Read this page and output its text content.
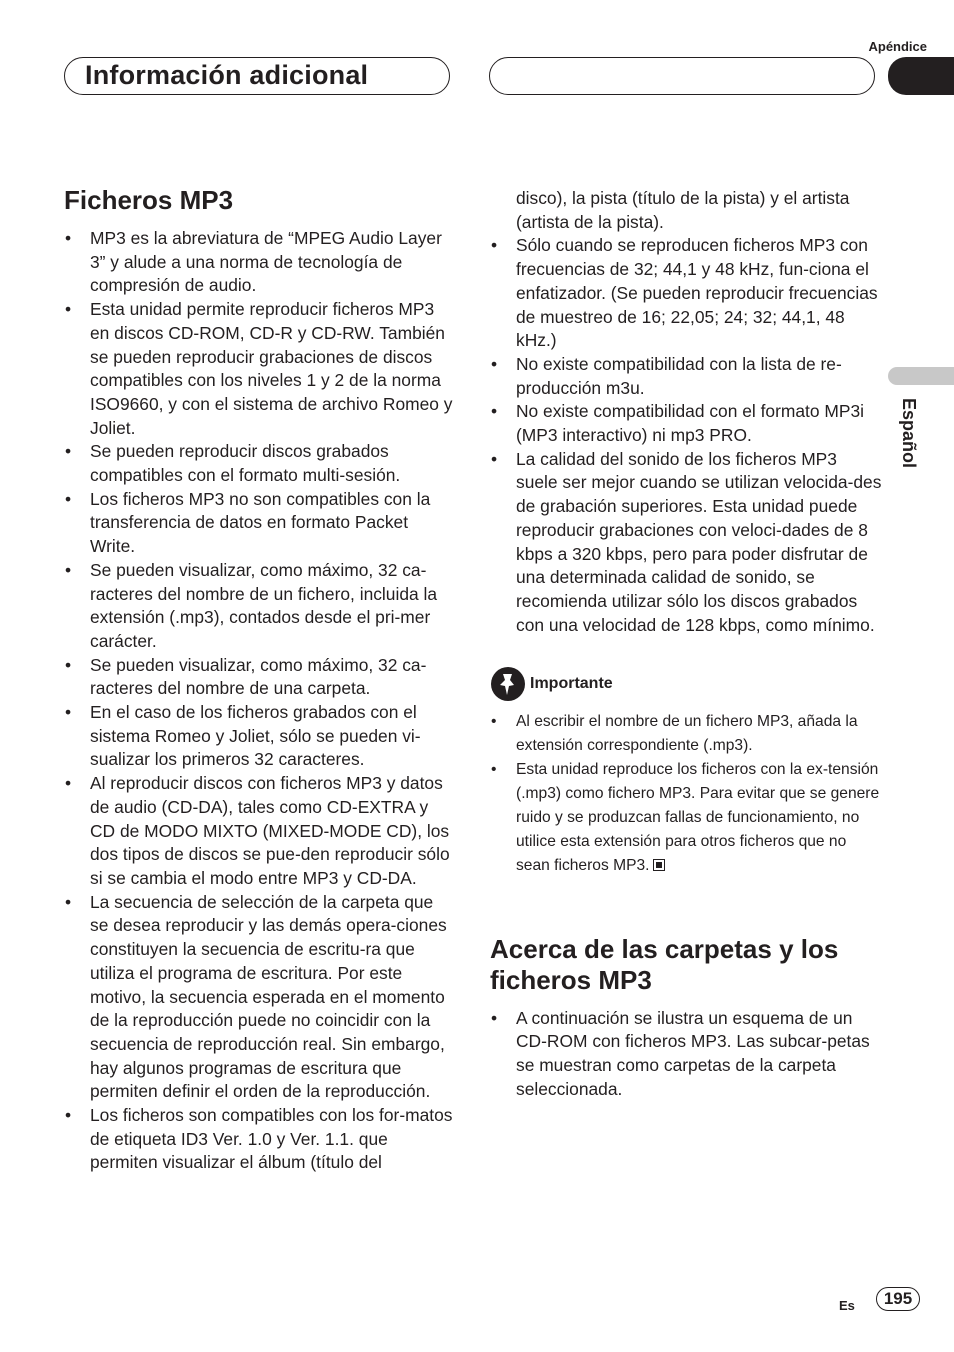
Apéndice
Información adicional
Español
Ficheros MP3
• MP3 es la abreviatura de “MPEG Audio Layer 3” y alude a una norma de tecnología de compresión de audio.
• Esta unidad permite reproducir ficheros MP3 en discos CD-ROM, CD-R y CD-RW. También se pueden reproducir grabaciones de discos compatibles con los niveles 1 y 2 de la norma ISO9660, y con el sistema de archivo Romeo y Joliet.
• Se pueden reproducir discos grabados compatibles con el formato multi-sesión.
• Los ficheros MP3 no son compatibles con la transferencia de datos en formato Packet Write.
• Se pueden visualizar, como máximo, 32 ca-racteres del nombre de un fichero, incluida la extensión (.mp3), contados desde el pri-mer carácter.
• Se pueden visualizar, como máximo, 32 ca-racteres del nombre de una carpeta.
• En el caso de los ficheros grabados con el sistema Romeo y Joliet, sólo se pueden vi-sualizar los primeros 32 caracteres.
• Al reproducir discos con ficheros MP3 y datos de audio (CD-DA), tales como CD-EXTRA y CD de MODO MIXTO (MIXED-MODE CD), los dos tipos de discos se pue-den reproducir sólo si se cambia el modo entre MP3 y CD-DA.
• La secuencia de selección de la carpeta que se desea reproducir y las demás opera-ciones constituyen la secuencia de escritu-ra que utiliza el programa de escritura. Por este motivo, la secuencia esperada en el momento de la reproducción puede no coincidir con la secuencia de reproducción real. Sin embargo, hay algunos programas de escritura que permiten definir el orden de la reproducción.
• Los ficheros son compatibles con los for-matos de etiqueta ID3 Ver. 1.0 y Ver. 1.1. que permiten visualizar el álbum (título del
disco), la pista (título de la pista) y el artista (artista de la pista).
• Sólo cuando se reproducen ficheros MP3 con frecuencias de 32; 44,1 y 48 kHz, fun-ciona el enfatizador. (Se pueden reproducir frecuencias de muestreo de 16; 22,05; 24; 32; 44,1, 48 kHz.)
• No existe compatibilidad con la lista de re-producción m3u.
• No existe compatibilidad con el formato MP3i (MP3 interactivo) ni mp3 PRO.
• La calidad del sonido de los ficheros MP3 suele ser mejor cuando se utilizan velocida-des de grabación superiores. Esta unidad puede reproducir grabaciones con veloci-dades de 8 kbps a 320 kbps, pero para poder disfrutar de una determinada calidad de sonido, se recomienda utilizar sólo los discos grabados con una velocidad de 128 kbps, como mínimo.
Importante
• Al escribir el nombre de un fichero MP3, añada la extensión correspondiente (.mp3).
• Esta unidad reproduce los ficheros con la ex-tensión (.mp3) como fichero MP3. Para evitar que se genere ruido y se produzcan fallas de funcionamiento, no utilice esta extensión para otros ficheros que no sean ficheros MP3.
Acerca de las carpetas y los ficheros MP3
• A continuación se ilustra un esquema de un CD-ROM con ficheros MP3. Las subcar-petas se muestran como carpetas de la carpeta seleccionada.
Es	195
